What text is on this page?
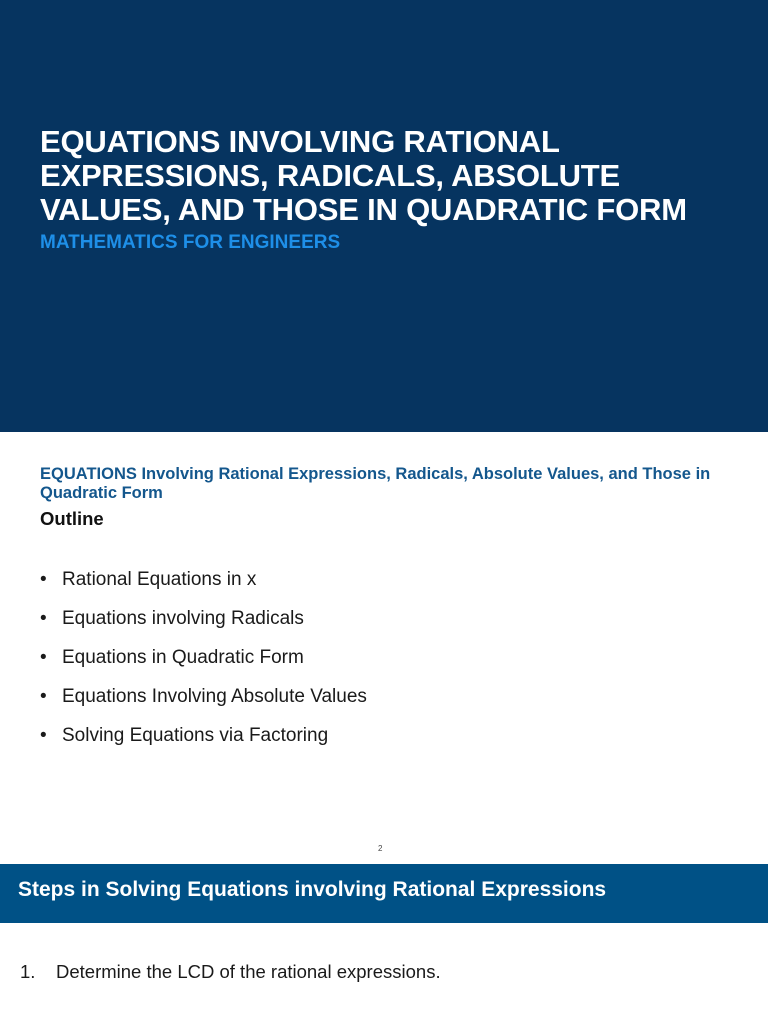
EQUATIONS INVOLVING RATIONAL EXPRESSIONS, RADICALS, ABSOLUTE VALUES, AND THOSE IN QUADRATIC FORM
MATHEMATICS FOR ENGINEERS
EQUATIONS Involving Rational Expressions, Radicals, Absolute Values, and Those in Quadratic Form
Outline
• Rational Equations in x
• Equations involving Radicals
• Equations in Quadratic Form
• Equations Involving Absolute Values
• Solving Equations via Factoring
2
Steps in Solving Equations involving Rational Expressions
1. Determine the LCD of the rational expressions.
